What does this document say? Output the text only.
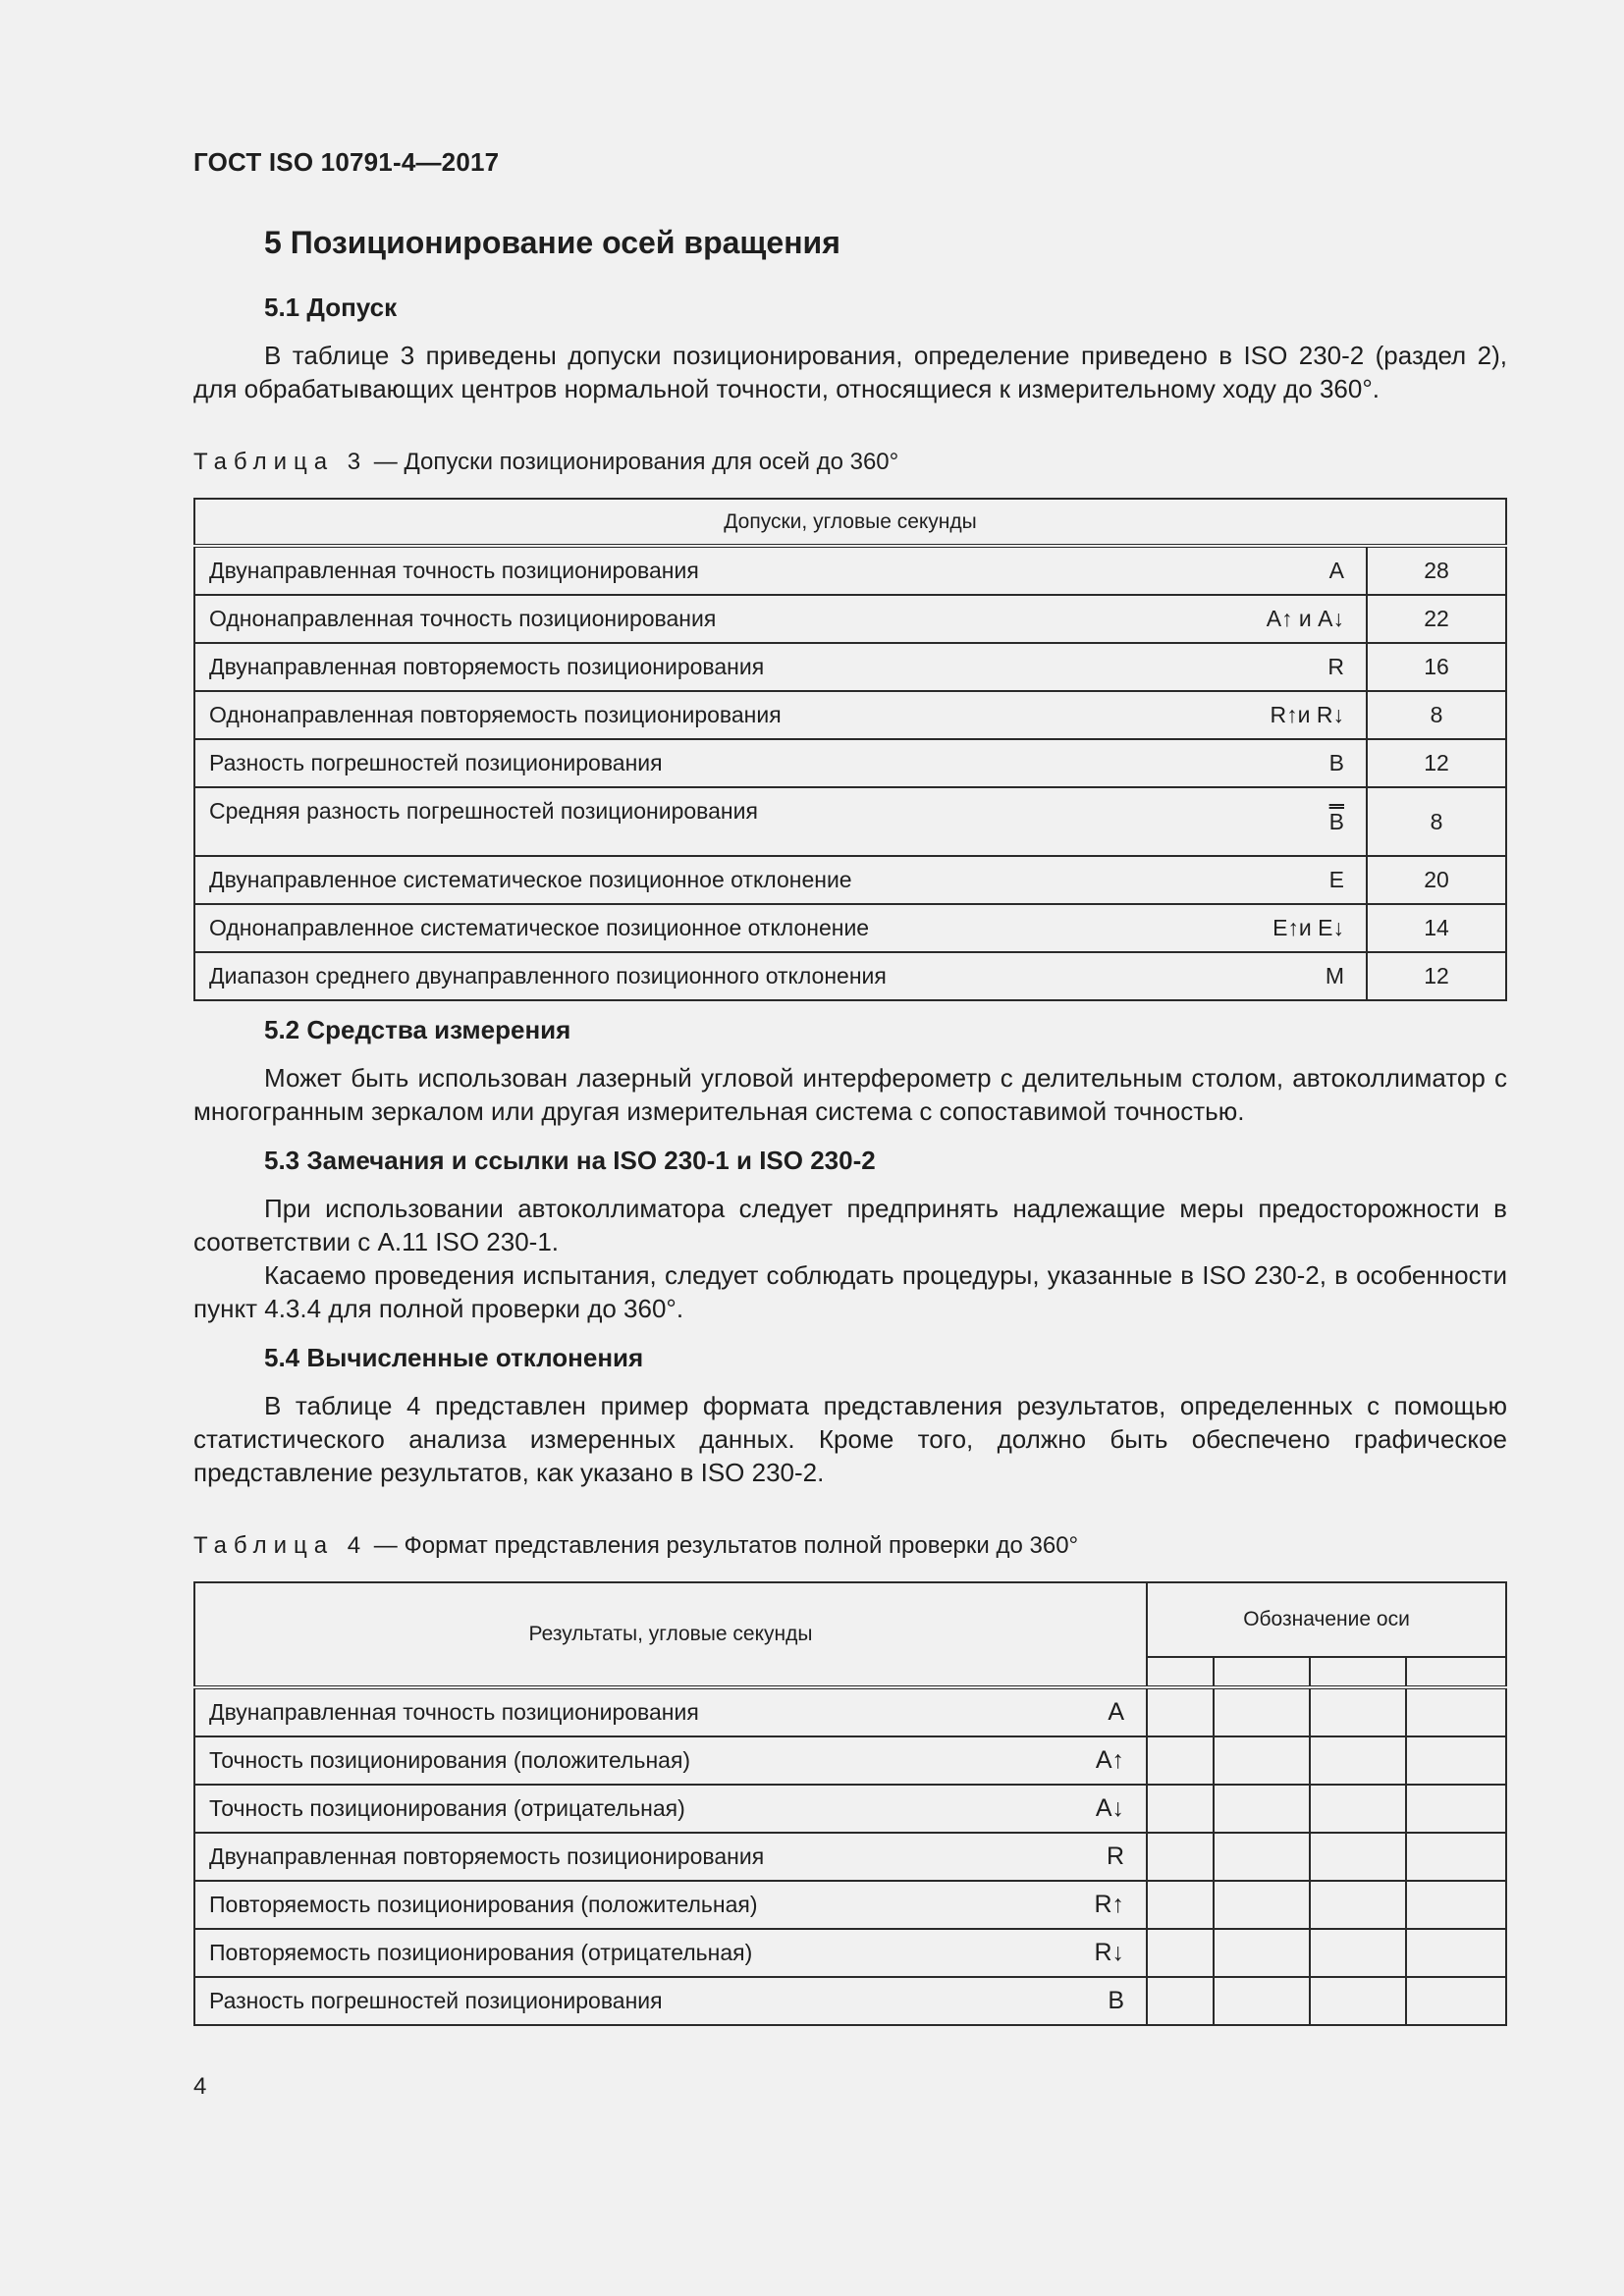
ГОСТ ISO 10791-4—2017
5 Позиционирование осей вращения
5.1 Допуск

В таблице 3 приведены допуски позиционирования, определение приведено в ISO 230-2 (раздел 2), для обрабатывающих центров нормальной точности, относящиеся к измерительному ходу до 360°.

Таблица 3 — Допуски позиционирования для осей до 360°
Допуски, угловые секунды		
Двунаправленная точность позиционирования	A	28
Однонаправленная точность позиционирования	A↑ и A↓	22
Двунаправленная повторяемость позиционирования	R	16
Однонаправленная повторяемость позиционирования	R↑и R↓	8
Разность погрешностей позиционирования	B	12
Средняя разность погрешностей позиционирования	B	8
Двунаправленное систематическое позиционное отклонение	E	20
Однонаправленное систематическое позиционное отклонение	E↑и E↓	14
Диапазон среднего двунаправленного позиционного отклонения	M	12
5.2 Средства измерения

Может быть использован лазерный угловой интерферометр с делительным столом, автоколлиматор с многогранным зеркалом или другая измерительная система с сопоставимой точностью.

5.3 Замечания и ссылки на ISO 230-1 и ISO 230-2

При использовании автоколлиматора следует предпринять надлежащие меры предосторожности в соответствии с A.11 ISO 230-1.

Касаемо проведения испытания, следует соблюдать процедуры, указанные в ISO 230-2, в особенности пункт 4.3.4 для полной проверки до 360°.

5.4 Вычисленные отклонения

В таблице 4 представлен пример формата представления результатов, определенных с помощью статистического анализа измеренных данных. Кроме того, должно быть обеспечено графическое представление результатов, как указано в ISO 230-2.

Таблица 4 — Формат представления результатов полной проверки до 360°
Результаты, угловые секунды		Обозначение оси			

Двунаправленная точность позиционирования	A				
Точность позиционирования (положительная)	A↑				
Точность позиционирования (отрицательная)	A↓				
Двунаправленная повторяемость позиционирования	R				
Повторяемость позиционирования (положительная)	R↑				
Повторяемость позиционирования (отрицательная)	R↓				
Разность погрешностей позиционирования	B				
4
